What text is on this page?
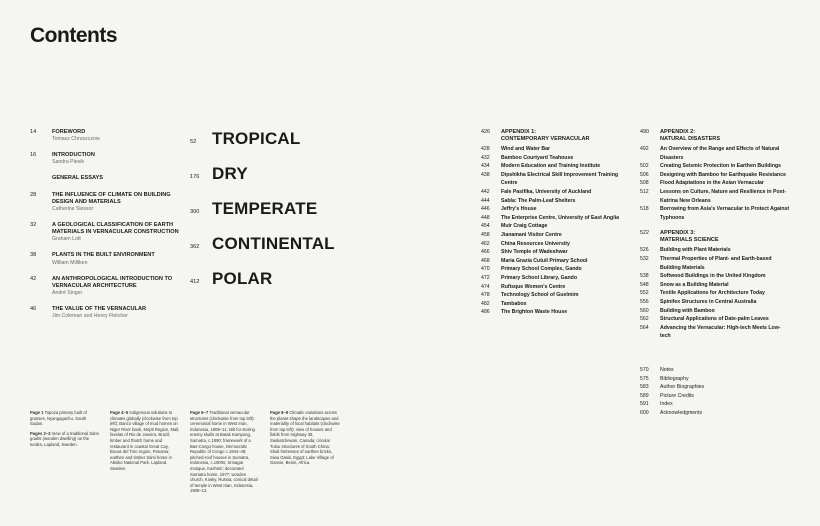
Contents
14	FOREWORD
Tomasz Chruszczow
16	INTRODUCTION
Sandra Piesik
GENERAL ESSAYS
28	THE INFLUENCE OF CLIMATE ON BUILDING DESIGN AND MATERIALS
Catherine Slessor
32	A GEOLOGICAL CLASSIFICATION OF EARTH MATERIALS IN VERNACULAR CONSTRUCTION
Graham Lott
38	PLANTS IN THE BUILT ENVIRONMENT
William Milliken
42	AN ANTHROPOLOGICAL INTRODUCTION TO VERNACULAR ARCHITECTURE
André Singer
46	THE VALUE OF THE VERNACULAR
Jim Coleman and Henry Fletcher
52 TROPICAL
176 DRY
300 TEMPERATE
362 CONTINENTAL
412 POLAR
426	APPENDIX 1:
CONTEMPORARY VERNACULAR
428	Wind and Water Bar
432	Bamboo Courtyard Teahouse
434	Modern Education and Training Institute
438	Dipshikha Electrical Skill Improvement Training Centre
442	Fale Pasifika, University of Auckland
444	Sabla: The Palm-Leaf Shelters
446	Jeffry's House
448	The Enterprise Centre, University of East Anglia
454	Muir Craig Cottage
458	Jianamani Visitor Centre
462	China Resources University
466	Shiv Temple of Wadeshwar
468	Maria Grazia Cutuli Primary School
470	Primary School Complex, Gando
472	Primary School Library, Gando
474	Rufisque Women's Centre
478	Technology School of Guelmim
482	Tambabox
486	The Brighton Waste House
490	APPENDIX 2:
NATURAL DISASTERS
492	An Overview of the Range and Effects of Natural Disasters
502	Creating Seismic Protection in Earthen Buildings
506	Designing with Bamboo for Earthquake Resistance
508	Flood Adaptations in the Asian Vernacular
512	Lessons on Culture, Nature and Resilience in Post-Katrina New Orleans
518	Borrowing from Asia's Vernacular to Protect Against Typhoons
522	APPENDIX 3:
MATERIALS SCIENCE
526	Building with Plant Materials
532	Thermal Properties of Plant- and Earth-based Building Materials
538	Softwood Buildings in the United Kingdom
548	Snow as a Building Material
552	Textile Applications for Architecture Today
556	Spinifex Structures in Central Australia
560	Building with Bamboo
562	Structural Applications of Date-palm Leaves
564	Advancing the Vernacular: High-tech Meets Low-tech
570	Notes
575	Bibliography
583	Author Biographies
589	Picture Credits
591	Index
600	Acknowledgments

Page 1 Topoza primary built of grasses, Nyangagachu, South Sudan.

Pages 2–3 View of a traditional Sámi goahti (wooden dwelling) on the tundra, Lapland, Sweden.

Page 4–5 Indigenous solutions to climates globally (clockwise from top left): Banco village of mud homes on Niger River bank, Mopti Region, Mali; favelas of Rio de Janeiro, Brazil; timber and thatch home and restaurant in coastal Great Cay, Bocas del Toro region, Panama; earthen and timber Sámi home in Abisko National Park, Lapland, Sweden.

Page 6–7 Traditional vernacular structures (clockwise from top left): ceremonial home in West Irian, Indonesia, 1908–11; stilt for storing enemy skulls at Batak Kampong, Sumatra, c.1890; framework of a Bas-Congo house, Democratic Republic of Congo c.1944–49; pitched-roof houses in Sumatra, Indonesia, c.1900s; Srinagar mosque, Kashmir; decorated Sumatra home, 1977; wooden church, Kosky, Russia; conical detail of temple in West Irian, Indonesia, 1908–12.

Page 8–9 Climatic variations across the planet shape the landscapes and materiality of local habitats (clockwise from top left): view of houses and fields from Highway 35, Saskatchewan, Canada; circular Tulou structures of South China; Shali fortresses of earthen bricks, Siwa Oasis, Egypt; Lake Village of Ganvie, Benin, Africa.
